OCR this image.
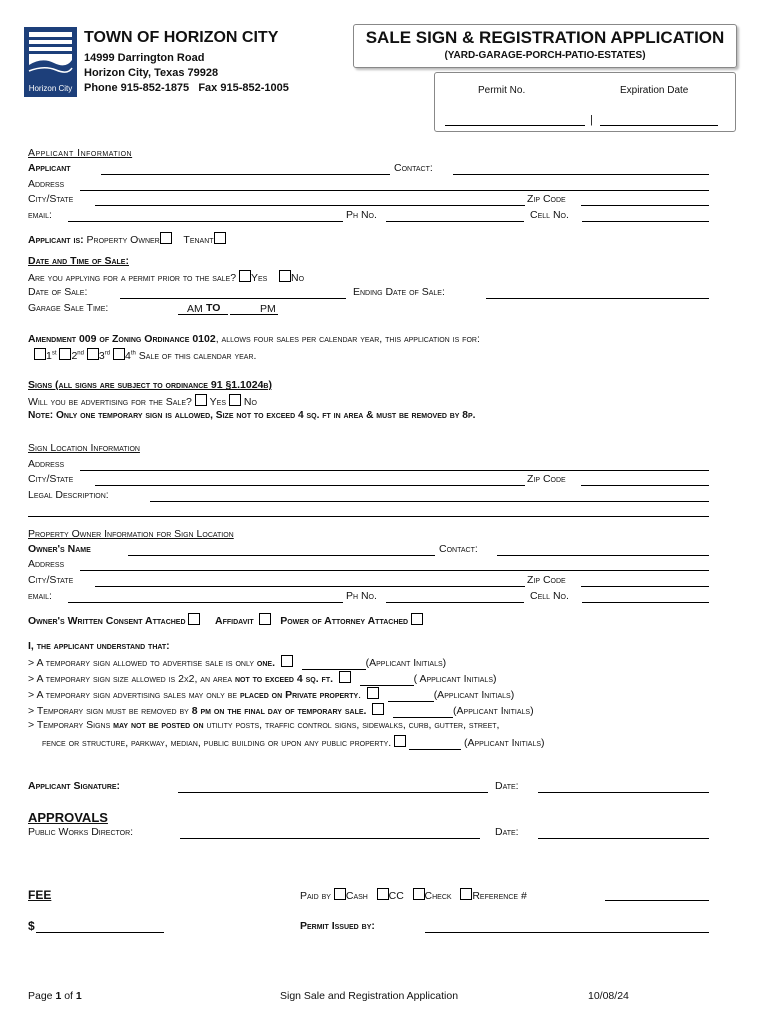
Horizon City
TOWN OF HORIZON CITY
14999 Darrington Road
Horizon City, Texas 79928
Phone 915-852-1875   Fax 915-852-1005
SALE SIGN & REGISTRATION APPLICATION
(YARD-GARAGE-PORCH-PATIO-ESTATES)
Permit No.	Expiration Date
|
Applicant Information
Applicant	Contact:
Address
City/State	Zip Code
email:	Ph No.	Cell No.
Applicant is: Property Owner Tenant
Date and Time of Sale:
Are you applying for a permit prior to the sale? Yes No
Date of Sale:	Ending Date of Sale:
Garage Sale Time:	AM TO	PM
Amendment 009 of Zoning Ordinance 0102, allows four sales per calendar year, this application is for:
1st 2nd 3rd 4th Sale of this calendar year.
Signs (all signs are subject to ordinance 91 §1.1024b)
Will you be advertising for the Sale? Yes No
Note: Only one temporary sign is allowed, Size not to exceed 4 sq. ft in area & must be removed by 8p.
Sign Location Information
Address
City/State	Zip Code
Legal Description:
Property Owner Information for Sign Location
Owner's Name	Contact:
Address
City/State	Zip Code
email:	Ph No.	Cell No.
Owner's Written Consent Attached	Affidavit	Power of Attorney Attached
I, the applicant understand that:
> A temporary sign allowed to advertise sale is only one.	(Applicant Initials)
> A temporary sign size allowed is 2x2, an area not to exceed 4 sq. ft.	( Applicant Initials)
> A temporary sign advertising sales may only be placed on Private property.	(Applicant Initials)
> Temporary sign must be removed by 8 pm on the final day of temporary sale.	(Applicant Initials)
> Temporary Signs may not be posted on utility posts, traffic control signs, sidewalks, curb, gutter, street,
fence or structure, parkway, median, public building or upon any public property.	(Applicant Initials)
Applicant Signature:	Date:
APPROVALS
Public Works Director:	Date:
FEE	Paid by Cash CC Check Reference #
$	Permit Issued by:
Page 1 of 1	Sign Sale and Registration Application	10/08/24
